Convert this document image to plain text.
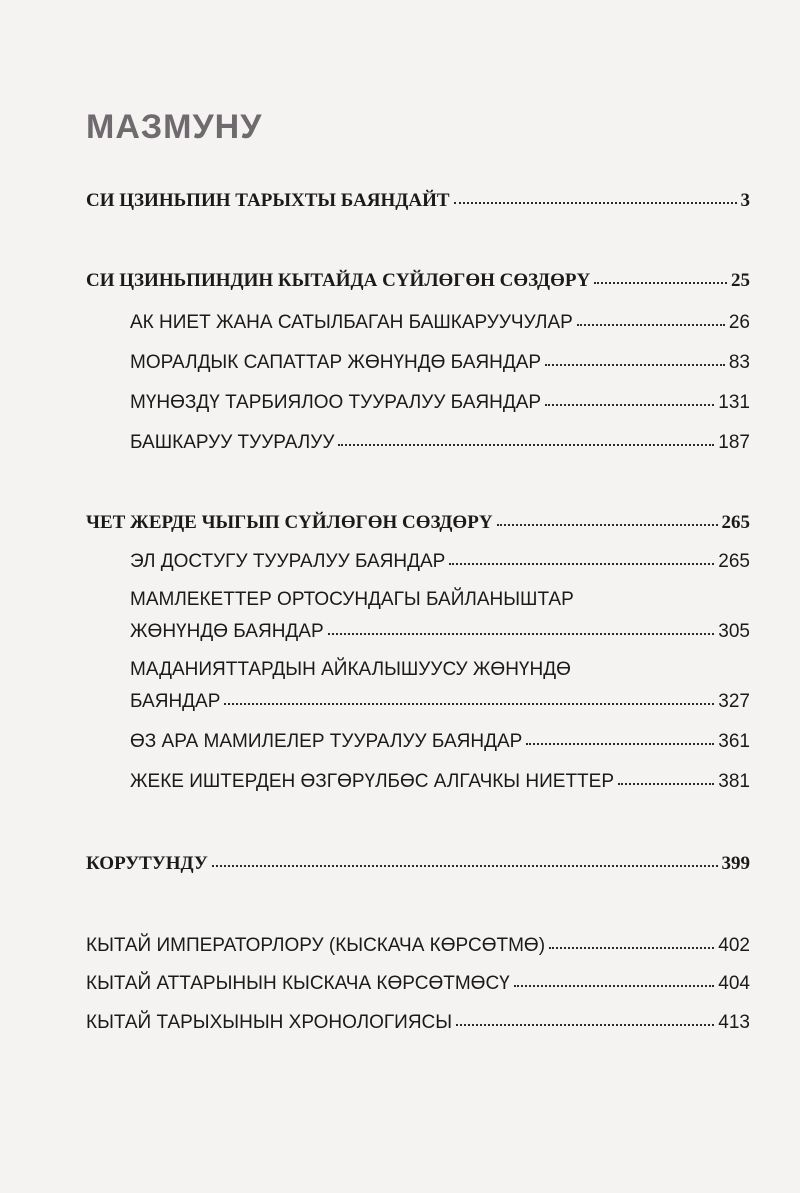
МАЗМУНУ
СИ ЦЗИНЬПИН ТАРЫХТЫ БАЯНДАЙТ	3
СИ ЦЗИНЬПИНДИН КЫТАЙДА СҮЙЛӨГӨН СӨЗДӨРҮ	25
АК НИЕТ ЖАНА САТЫЛБАГАН БАШКАРУУЧУЛАР	26
МОРАЛДЫК САПАТТАР ЖӨНҮНДӨ БАЯНДАР	83
МҮНӨЗДҮ ТАРБИЯЛОО ТУУРАЛУУ БАЯНДАР	131
БАШКАРУУ ТУУРАЛУУ	187
ЧЕТ ЖЕРДЕ ЧЫГЫП СҮЙЛӨГӨН СӨЗДӨРҮ	265
ЭЛ ДОСТУГУ ТУУРАЛУУ БАЯНДАР	265
МАМЛЕКЕТТЕР ОРТОСУНДАГЫ БАЙЛАНЫШТАР
ЖӨНҮНДӨ БАЯНДАР	305
МАДАНИЯТТАРДЫН АЙКАЛЫШУУСУ ЖӨНҮНДӨ
БАЯНДАР	327
ӨЗ АРА МАМИЛЕЛЕР ТУУРАЛУУ БАЯНДАР	361
ЖЕКЕ ИШТЕРДЕН ӨЗГӨРҮЛБӨС АЛГАЧКЫ НИЕТТЕР	381
КОРУТУНДУ	399
КЫТАЙ ИМПЕРАТОРЛОРУ (КЫСКАЧА КӨРСӨТМӨ)	402
КЫТАЙ АТТАРЫНЫН КЫСКАЧА КӨРСӨТМӨСҮ	404
КЫТАЙ ТАРЫХЫНЫН ХРОНОЛОГИЯСЫ	413
